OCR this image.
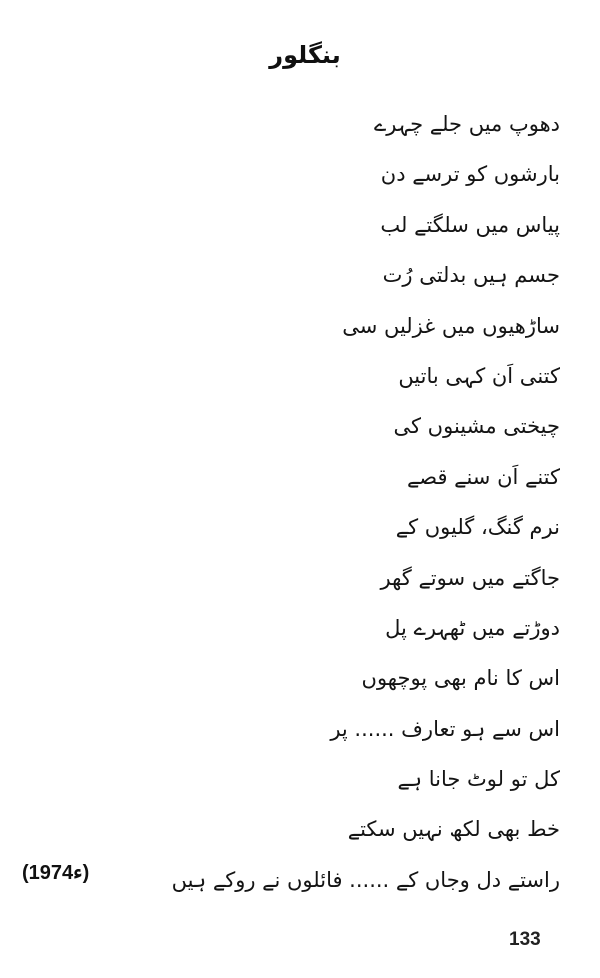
بنگلور
دھوپ میں جلے چہرے
بارشوں کو ترسے دن
پیاس میں سلگتے لب
جسم ہیں بدلتی رُت
ساڑھیوں میں غزلیں سی
کتنی اَن کہی باتیں
چیختی مشینوں کی
کتنے اَن سنے قصے
نرم گنگ، گلیوں کے
جاگتے میں سوتے گھر
دوڑتے میں ٹھہرے پل
اس کا نام بھی پوچھوں
اس سے ہو تعارف ...... پر
کل تو لوٹ جانا ہے
خط بھی لکھ نہیں سکتے
راستے دل وجاں کے ...... فائلوں نے روکے ہیں
(1974ء)
133
